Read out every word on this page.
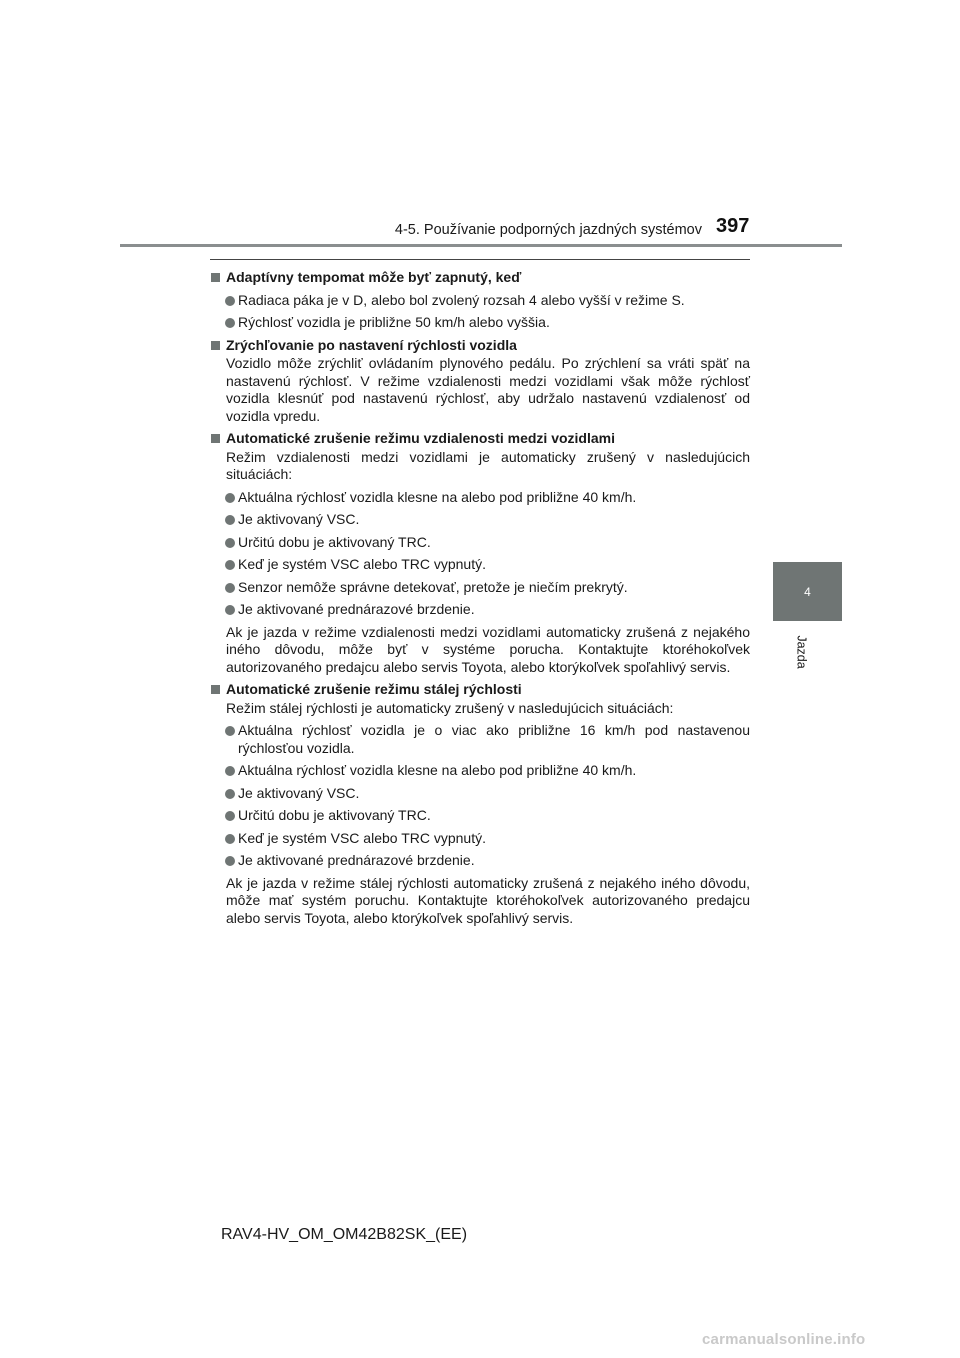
4-5. Používanie podporných jazdných systémov 397
4
Jazda
Adaptívny tempomat môže byť zapnutý, keď
Radiaca páka je v D, alebo bol zvolený rozsah 4 alebo vyšší v režime S.
Rýchlosť vozidla je približne 50 km/h alebo vyššia.
Zrýchľovanie po nastavení rýchlosti vozidla
Vozidlo môže zrýchliť ovládaním plynového pedálu. Po zrýchlení sa vráti späť na nastavenú rýchlosť. V režime vzdialenosti medzi vozidlami však môže rýchlosť vozidla klesnúť pod nastavenú rýchlosť, aby udržalo nastavenú vzdialenosť od vozidla vpredu.
Automatické zrušenie režimu vzdialenosti medzi vozidlami
Režim vzdialenosti medzi vozidlami je automaticky zrušený v nasledujúcich situáciách:
Aktuálna rýchlosť vozidla klesne na alebo pod približne 40 km/h.
Je aktivovaný VSC.
Určitú dobu je aktivovaný TRC.
Keď je systém VSC alebo TRC vypnutý.
Senzor nemôže správne detekovať, pretože je niečím prekrytý.
Je aktivované prednárazové brzdenie.
Ak je jazda v režime vzdialenosti medzi vozidlami automaticky zrušená z nejakého iného dôvodu, môže byť v systéme porucha. Kontaktujte ktoréhokoľvek autorizovaného predajcu alebo servis Toyota, alebo ktorýkoľvek spoľahlivý servis.
Automatické zrušenie režimu stálej rýchlosti
Režim stálej rýchlosti je automaticky zrušený v nasledujúcich situáciách:
Aktuálna rýchlosť vozidla je o viac ako približne 16 km/h pod nastavenou rýchlosťou vozidla.
Aktuálna rýchlosť vozidla klesne na alebo pod približne 40 km/h.
Je aktivovaný VSC.
Určitú dobu je aktivovaný TRC.
Keď je systém VSC alebo TRC vypnutý.
Je aktivované prednárazové brzdenie.
Ak je jazda v režime stálej rýchlosti automaticky zrušená z nejakého iného dôvodu, môže mať systém poruchu. Kontaktujte ktoréhokoľvek autorizovaného predajcu alebo servis Toyota, alebo ktorýkoľvek spoľahlivý servis.
RAV4-HV_OM_OM42B82SK_(EE)
carmanualsonline.info
